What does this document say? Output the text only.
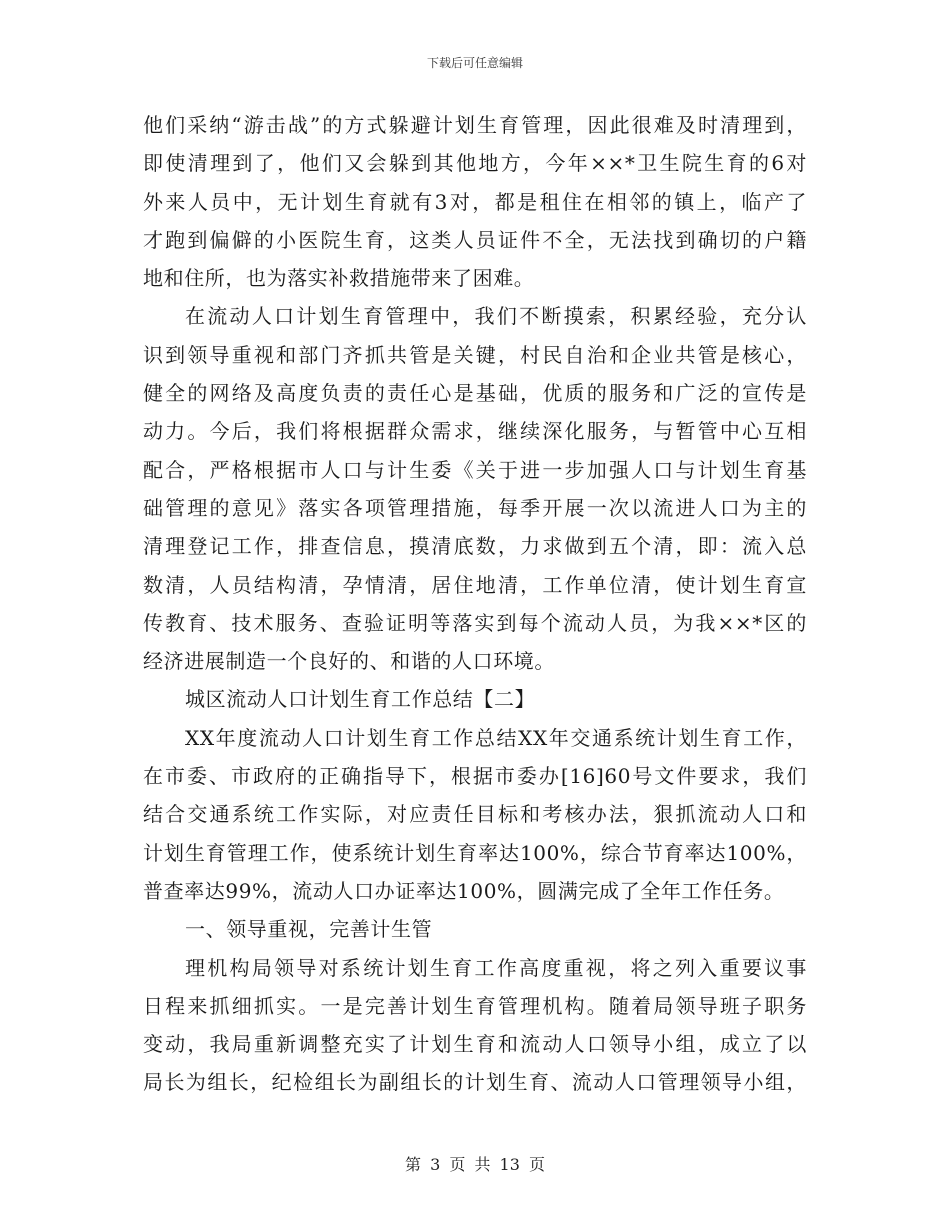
下载后可任意编辑
他们采纳“游击战”的方式躲避计划生育管理，因此很难及时清理到，
即使清理到了，他们又会躲到其他地方，今年××*卫生院生育的6对
外来人员中，无计划生育就有3对，都是租住在相邻的镇上，临产了
才跑到偏僻的小医院生育，这类人员证件不全，无法找到确切的户籍
地和住所，也为落实补救措施带来了困难。
在流动人口计划生育管理中，我们不断摸索，积累经验，充分认
识到领导重视和部门齐抓共管是关键，村民自治和企业共管是核心，
健全的网络及高度负责的责任心是基础，优质的服务和广泛的宣传是
动力。今后，我们将根据群众需求，继续深化服务，与暂管中心互相
配合，严格根据市人口与计生委《关于进一步加强人口与计划生育基
础管理的意见》落实各项管理措施，每季开展一次以流进人口为主的
清理登记工作，排查信息，摸清底数，力求做到五个清，即：流入总
数清，人员结构清，孕情清，居住地清，工作单位清，使计划生育宣
传教育、技术服务、查验证明等落实到每个流动人员，为我××*区的
经济进展制造一个良好的、和谐的人口环境。
城区流动人口计划生育工作总结【二】
XX年度流动人口计划生育工作总结XX年交通系统计划生育工作，
在市委、市政府的正确指导下，根据市委办[16]60号文件要求，我们
结合交通系统工作实际，对应责任目标和考核办法，狠抓流动人口和
计划生育管理工作，使系统计划生育率达100%，综合节育率达100%，
普查率达99%，流动人口办证率达100%，圆满完成了全年工作任务。
一、领导重视，完善计生管
理机构局领导对系统计划生育工作高度重视，将之列入重要议事
日程来抓细抓实。一是完善计划生育管理机构。随着局领导班子职务
变动，我局重新调整充实了计划生育和流动人口领导小组，成立了以
局长为组长，纪检组长为副组长的计划生育、流动人口管理领导小组，
第 3 页 共 13 页
